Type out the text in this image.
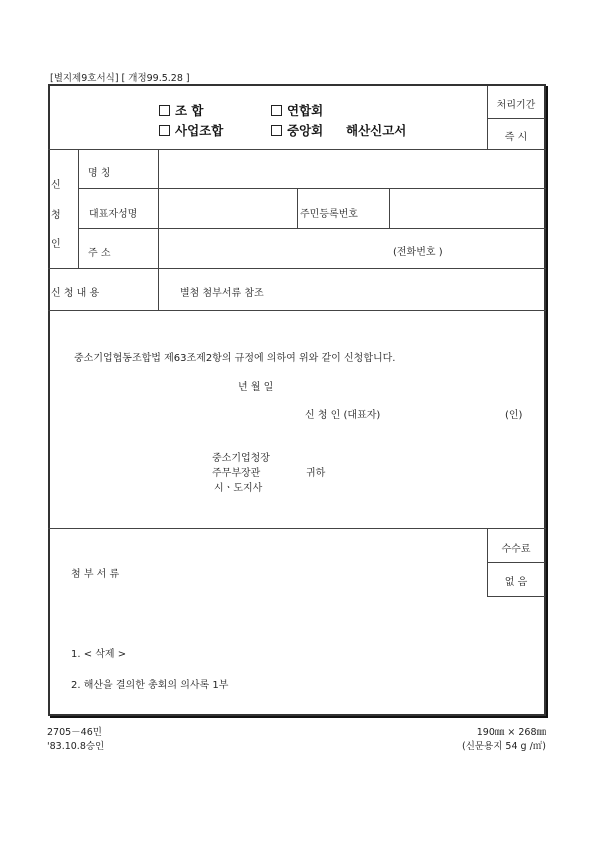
[별지제9호서식] [ 개정99.5.28 ]
조 합	연합회
사업조합	중앙회 해산신고서
처리기간
즉 시
신
청
인
명 칭
대표자성명	주민등록번호
주 소	(전화번호 )
신 청 내 용	별첨 첨부서류 참조
중소기업협동조합법 제63조제2항의 규정에 의하여 위와 같이 신청합니다.
년 월 일
신 청 인 (대표자)	(인)
중소기업청장
주무부장관	귀하
시ㆍ도지사
수수료
없 음
첨 부 서 류
1. < 삭제 >
2. 해산을 결의한 총회의 의사록 1부
2705－46민
'83.10.8승인
190㎜ × 268㎜
(신문용지 54 g /㎡)
